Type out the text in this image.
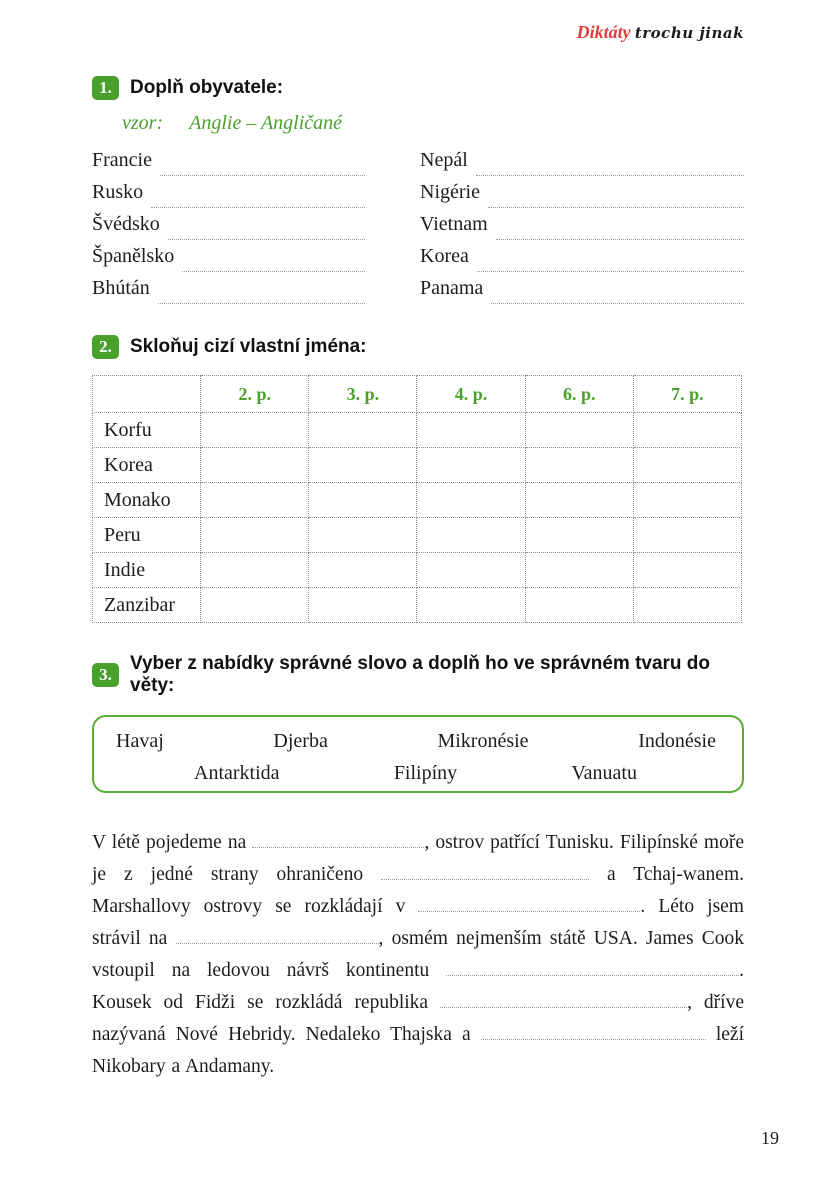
Diktáty trochu jinak
1. Doplň obyvatele:
vzor: Anglie – Angličané
Francie
Rusko
Švédsko
Španělsko
Bhútán
Nepál
Nigérie
Vietnam
Korea
Panama
2. Skloňuj cizí vlastní jména:
	2. p.	3. p.	4. p.	6. p.	7. p.
Korfu					
Korea					
Monako					
Peru					
Indie					
Zanzibar					
3.
Vyber z nabídky správné slovo a doplň ho ve správném tvaru do věty:
Havaj	Djerba	Mikronésie	Indonésie
Antarktida	Filipíny	Vanuatu
V létě pojedeme na	, ostrov patřící Tunisku. Filipínské moře je z jedné strany ohraničeno	a Tchaj-wanem. Marshallovy ostrovy se rozkládají v	. Léto jsem strávil na	, osmém nejmenším státě USA. James Cook vstoupil na ledovou návrš kontinentu	. Kousek od Fidži se rozkládá republika	, dříve nazývaná Nové Hebridy. Nedaleko Thajska a	leží Nikobary a Andamany.
19
